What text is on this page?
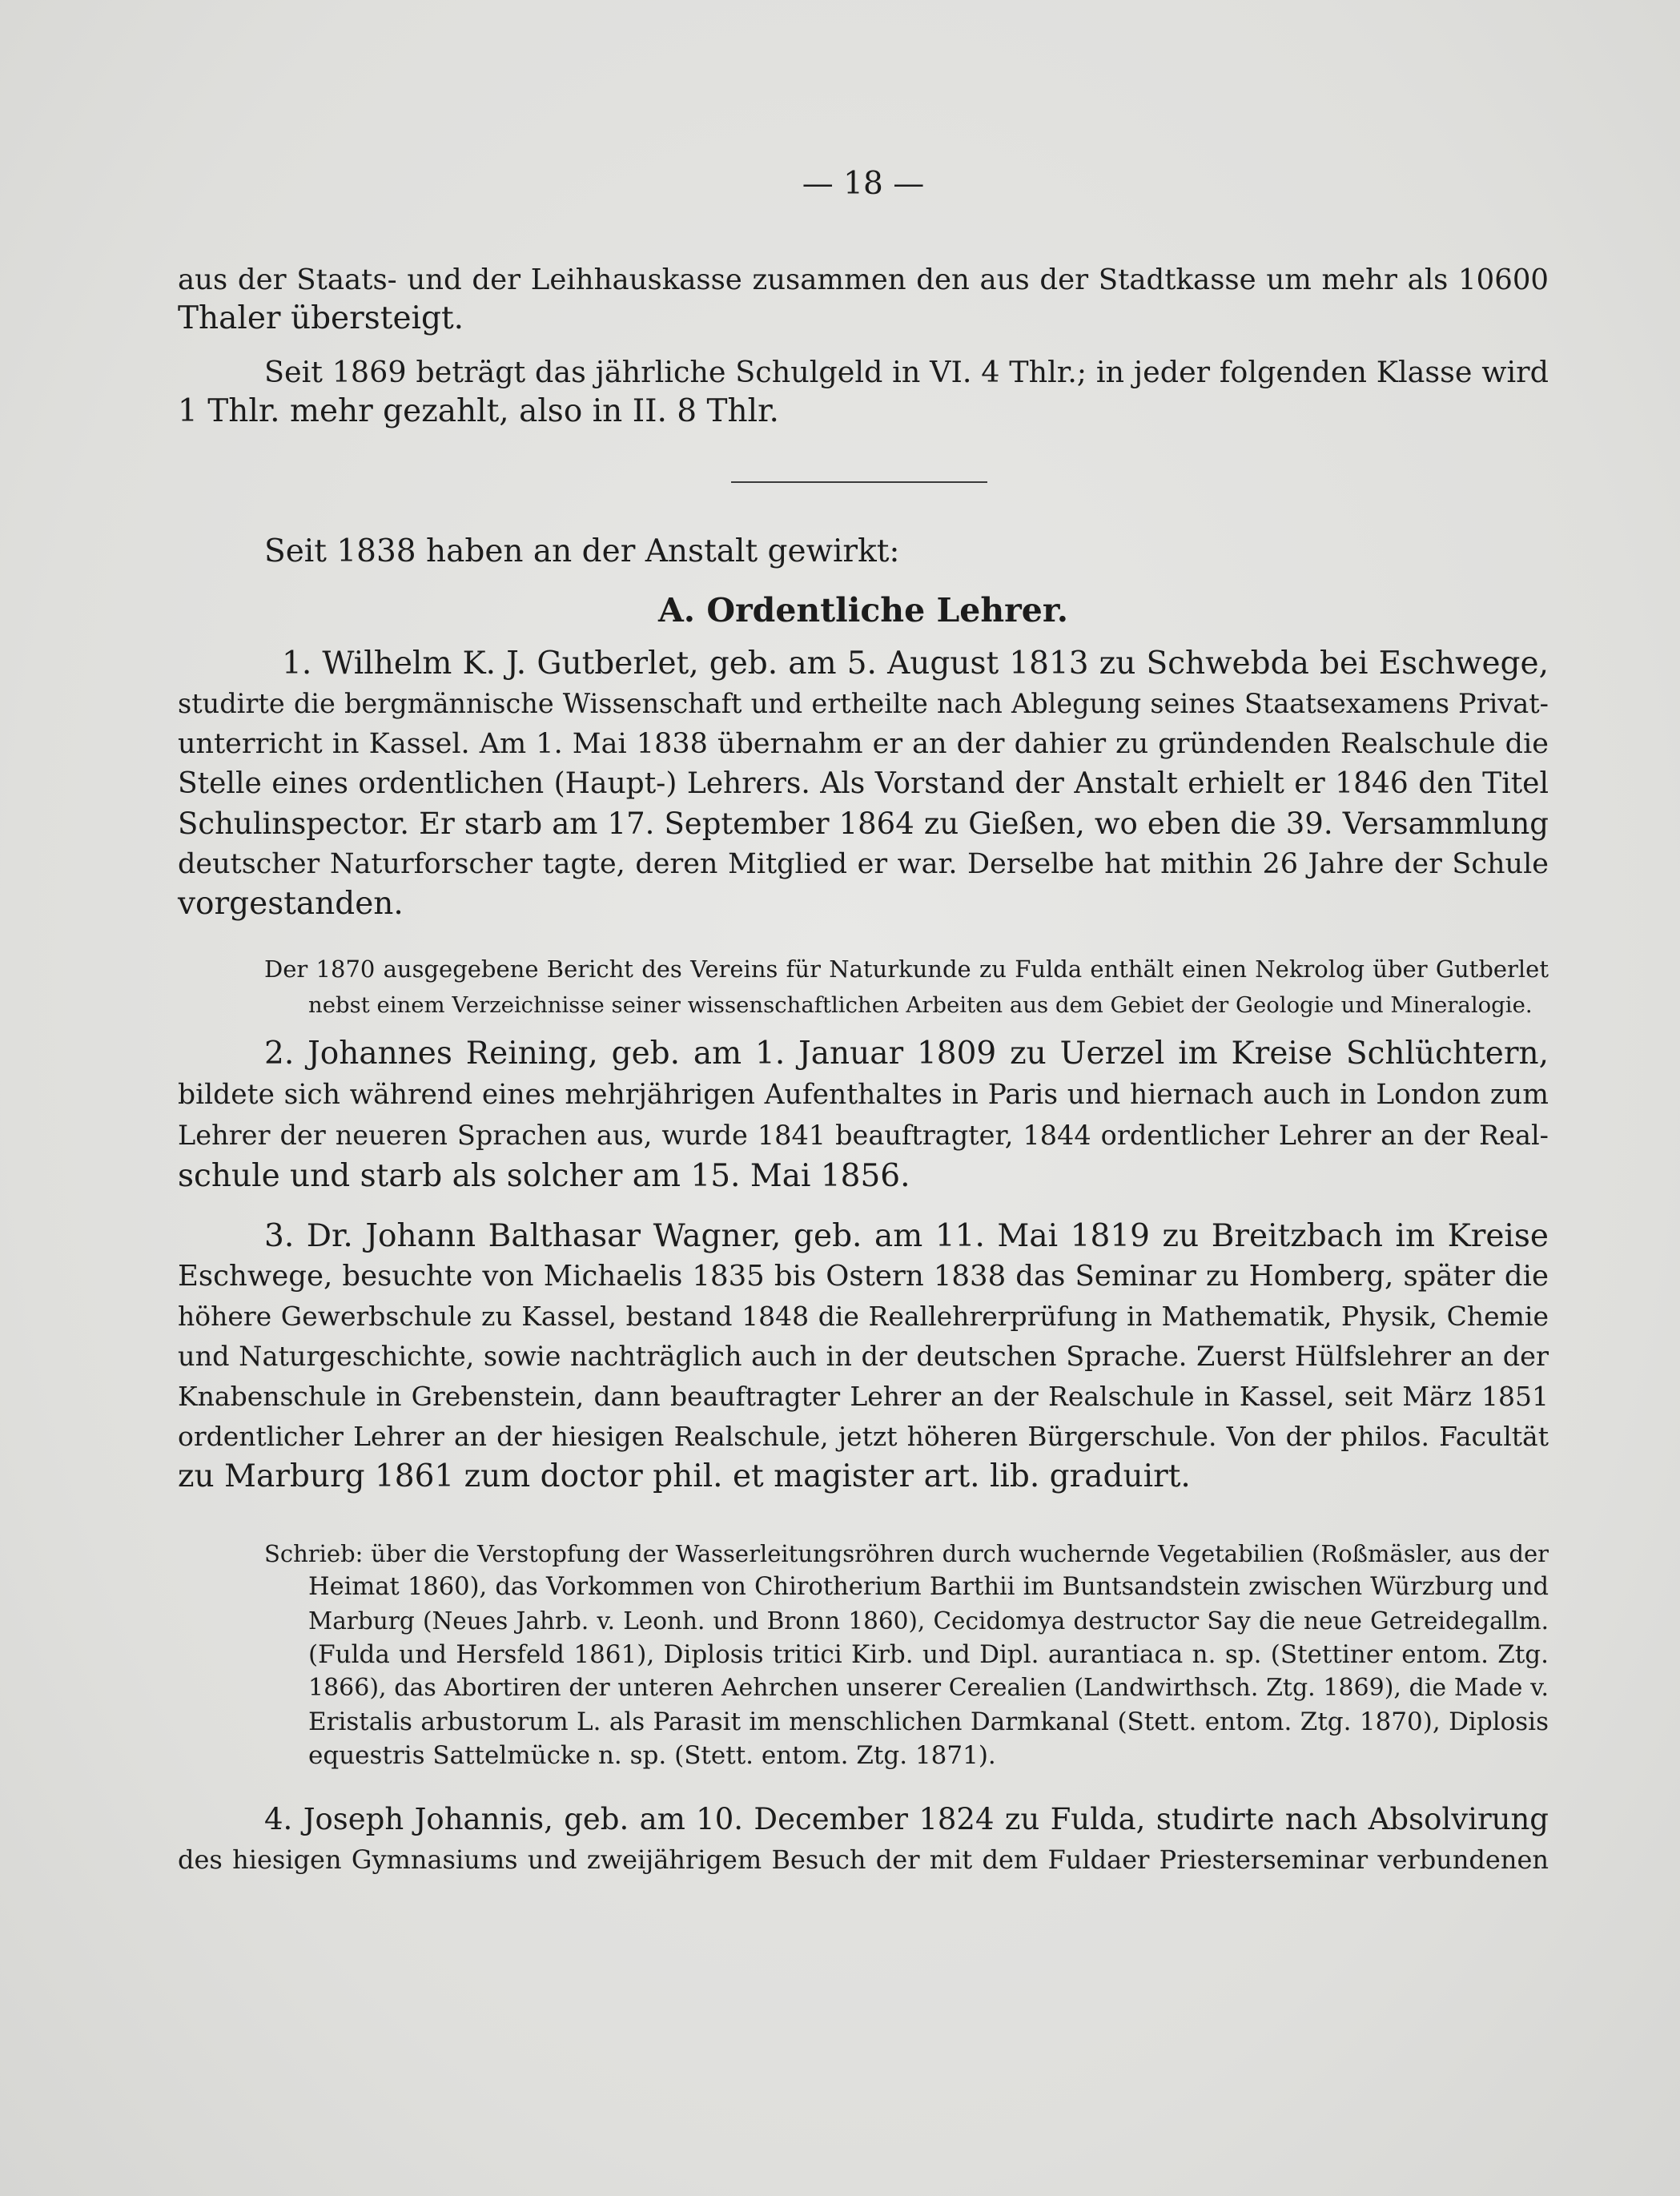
— 18 —
aus der Staats- und der Leihhauskasse zusammen den aus der Stadtkasse um mehr als 10600
Thaler übersteigt.
Seit 1869 beträgt das jährliche Schulgeld in VI. 4 Thlr.; in jeder folgenden Klasse wird
1 Thlr. mehr gezahlt, also in II. 8 Thlr.
Seit 1838 haben an der Anstalt gewirkt:
A. Ordentliche Lehrer.
1. Wilhelm K. J. Gutberlet, geb. am 5. August 1813 zu Schwebda bei Eschwege,
studirte die bergmännische Wissenschaft und ertheilte nach Ablegung seines Staatsexamens Privat-
unterricht in Kassel. Am 1. Mai 1838 übernahm er an der dahier zu gründenden Realschule die
Stelle eines ordentlichen (Haupt-) Lehrers. Als Vorstand der Anstalt erhielt er 1846 den Titel
Schulinspector. Er starb am 17. September 1864 zu Gießen, wo eben die 39. Versammlung
deutscher Naturforscher tagte, deren Mitglied er war. Derselbe hat mithin 26 Jahre der Schule
vorgestanden.
Der 1870 ausgegebene Bericht des Vereins für Naturkunde zu Fulda enthält einen Nekrolog über Gutberlet
nebst einem Verzeichnisse seiner wissenschaftlichen Arbeiten aus dem Gebiet der Geologie und Mineralogie.
2. Johannes Reining, geb. am 1. Januar 1809 zu Uerzel im Kreise Schlüchtern,
bildete sich während eines mehrjährigen Aufenthaltes in Paris und hiernach auch in London zum
Lehrer der neueren Sprachen aus, wurde 1841 beauftragter, 1844 ordentlicher Lehrer an der Real-
schule und starb als solcher am 15. Mai 1856.
3. Dr. Johann Balthasar Wagner, geb. am 11. Mai 1819 zu Breitzbach im Kreise
Eschwege, besuchte von Michaelis 1835 bis Ostern 1838 das Seminar zu Homberg, später die
höhere Gewerbschule zu Kassel, bestand 1848 die Reallehrerprüfung in Mathematik, Physik, Chemie
und Naturgeschichte, sowie nachträglich auch in der deutschen Sprache. Zuerst Hülfslehrer an der
Knabenschule in Grebenstein, dann beauftragter Lehrer an der Realschule in Kassel, seit März 1851
ordentlicher Lehrer an der hiesigen Realschule, jetzt höheren Bürgerschule. Von der philos. Facultät
zu Marburg 1861 zum doctor phil. et magister art. lib. graduirt.
Schrieb: über die Verstopfung der Wasserleitungsröhren durch wuchernde Vegetabilien (Roßmäsler, aus der
Heimat 1860), das Vorkommen von Chirotherium Barthii im Buntsandstein zwischen Würzburg und
Marburg (Neues Jahrb. v. Leonh. und Bronn 1860), Cecidomya destructor Say die neue Getreidegallm.
(Fulda und Hersfeld 1861), Diplosis tritici Kirb. und Dipl. aurantiaca n. sp. (Stettiner entom. Ztg.
1866), das Abortiren der unteren Aehrchen unserer Cerealien (Landwirthsch. Ztg. 1869), die Made v.
Eristalis arbustorum L. als Parasit im menschlichen Darmkanal (Stett. entom. Ztg. 1870), Diplosis
equestris Sattelmücke n. sp. (Stett. entom. Ztg. 1871).
4. Joseph Johannis, geb. am 10. December 1824 zu Fulda, studirte nach Absolvirung
des hiesigen Gymnasiums und zweijährigem Besuch der mit dem Fuldaer Priesterseminar verbundenen
